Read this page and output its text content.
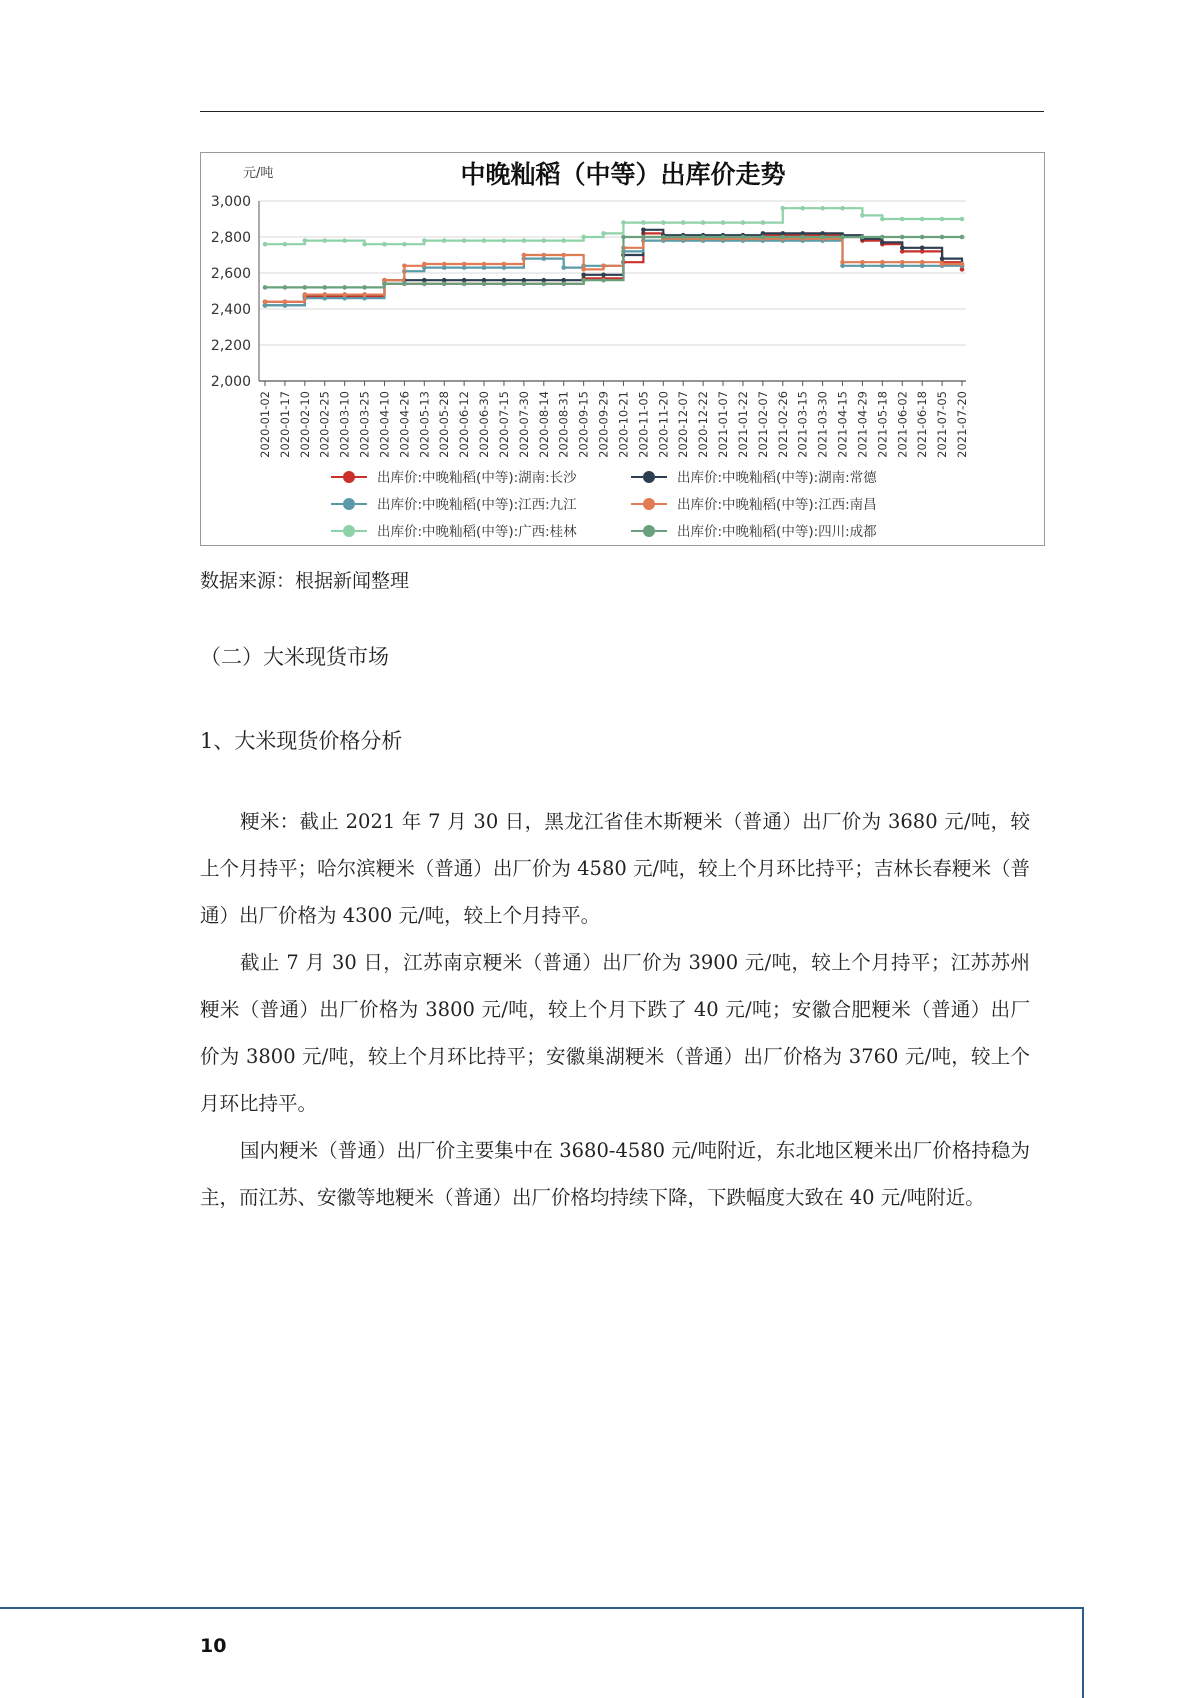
中晚籼稻（中等）出库价走势
元/吨
2,000
2,200
2,400
2,600
2,800
3,000
2020-01-02 2020-01-17 2020-02-10 2020-02-25 2020-03-10 2020-03-25 2020-04-10 2020-04-26 2020-05-13 2020-05-28 2020-06-12 2020-06-30 2020-07-15 2020-07-30 2020-08-14 2020-08-31 2020-09-15 2020-09-29 2020-10-21 2020-11-05 2020-11-20 2020-12-07 2020-12-22 2021-01-07 2021-01-22 2021-02-07 2021-02-26 2021-03-15 2021-03-30 2021-04-15 2021-04-29 2021-05-18 2021-06-02 2021-06-18 2021-07-05 2021-07-20
出库价:中晚籼稻(中等):湖南:长沙	出库价:中晚籼稻(中等):湖南:常德
出库价:中晚籼稻(中等):江西:九江	出库价:中晚籼稻(中等):江西:南昌
出库价:中晚籼稻(中等):广西:桂林	出库价:中晚籼稻(中等):四川:成都
数据来源：根据新闻整理
（二）大米现货市场
1、大米现货价格分析

粳米：截止 2021 年 7 月 30 日，黑龙江省佳木斯粳米（普通）出厂价为 3680 元/吨，较上个月持平；哈尔滨粳米（普通）出厂价为 4580 元/吨，较上个月环比持平；吉林长春粳米（普通）出厂价格为 4300 元/吨，较上个月持平。

截止 7 月 30 日，江苏南京粳米（普通）出厂价为 3900 元/吨，较上个月持平；江苏苏州粳米（普通）出厂价格为 3800 元/吨，较上个月下跌了 40 元/吨；安徽合肥粳米（普通）出厂价为 3800 元/吨，较上个月环比持平；安徽巢湖粳米（普通）出厂价格为 3760 元/吨，较上个月环比持平。

国内粳米（普通）出厂价主要集中在 3680-4580 元/吨附近，东北地区粳米出厂价格持稳为主，而江苏、安徽等地粳米（普通）出厂价格均持续下降，下跌幅度大致在 40 元/吨附近。

10
